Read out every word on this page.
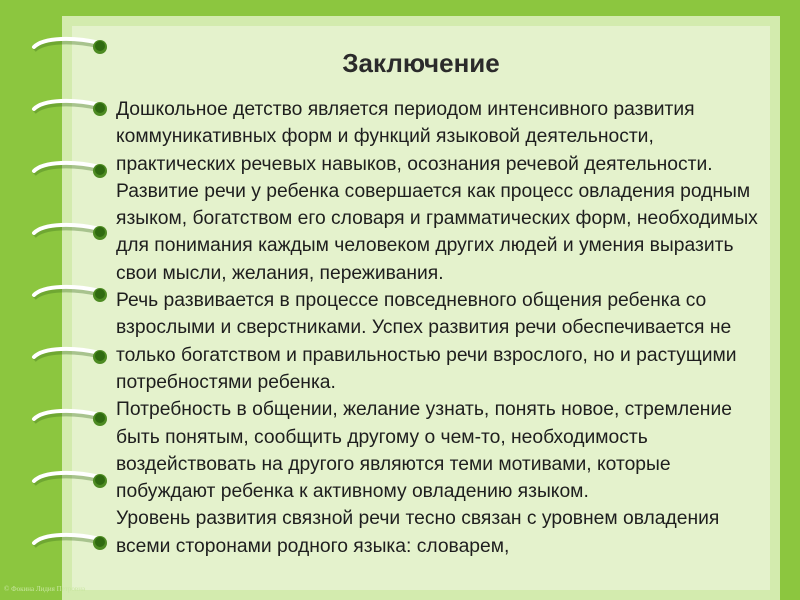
Заключение

Дошкольное детство является периодом интенсивного развития коммуникативных форм и функций языковой деятельности, практических речевых навыков, осознания речевой деятельности.

Развитие речи у ребенка совершается как процесс овладения родным языком, богатством его словаря и грамматических форм, необходимых для понимания каждым человеком других людей и умения выразить свои мысли, желания, переживания.

Речь развивается в процессе повседневного общения ребенка со взрослыми и сверстниками. Успех развития речи обеспечивается не только богатством и правильностью речи взрослого, но и растущими потребностями ребенка.

Потребность в общении, желание узнать, понять новое, стремление быть понятым, сообщить другому о чем-то, необходимость воздействовать на другого являются теми мотивами, которые побуждают ребенка к активному овладению языком.

Уровень развития связной речи тесно связан с уровнем овладения всеми сторонами родного языка: словарем,

© Фокина Лидия Петровна
